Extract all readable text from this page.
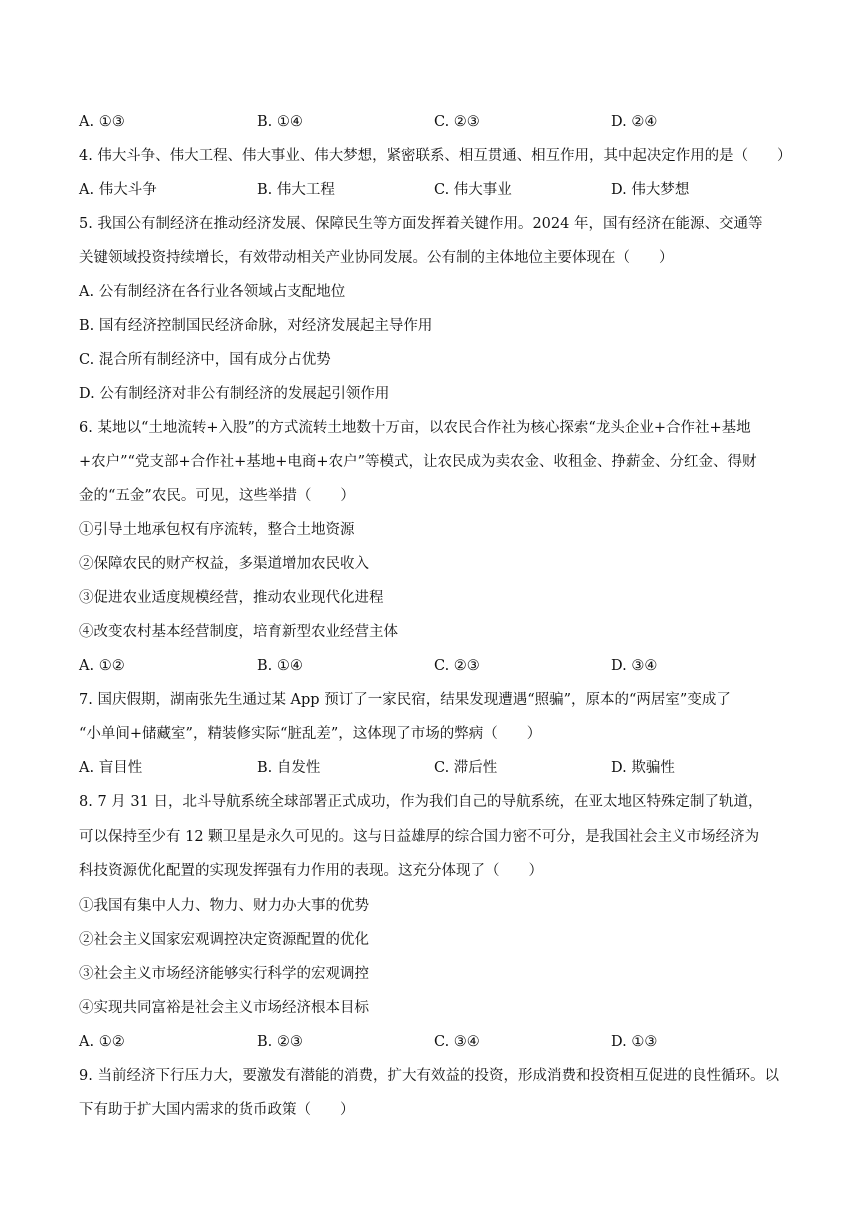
A. ①③	B. ①④	C. ②③	D. ②④
4. 伟大斗争、伟大工程、伟大事业、伟大梦想，紧密联系、相互贯通、相互作用，其中起决定作用的是（　　）
A. 伟大斗争	B. 伟大工程	C. 伟大事业	D. 伟大梦想
5. 我国公有制经济在推动经济发展、保障民生等方面发挥着关键作用。2024 年，国有经济在能源、交通等
关键领域投资持续增长，有效带动相关产业协同发展。公有制的主体地位主要体现在（　　）
A. 公有制经济在各行业各领域占支配地位
B. 国有经济控制国民经济命脉，对经济发展起主导作用
C. 混合所有制经济中，国有成分占优势
D. 公有制经济对非公有制经济的发展起引领作用
6. 某地以“土地流转+入股”的方式流转土地数十万亩，以农民合作社为核心探索“龙头企业+合作社+基地
+农户”“党支部+合作社+基地+电商+农户”等模式，让农民成为卖农金、收租金、挣薪金、分红金、得财
金的“五金”农民。可见，这些举措（　　）
①引导土地承包权有序流转，整合土地资源
②保障农民的财产权益，多渠道增加农民收入
③促进农业适度规模经营，推动农业现代化进程
④改变农村基本经营制度，培育新型农业经营主体
A. ①②	B. ①④	C. ②③	D. ③④
7. 国庆假期，湖南张先生通过某 App 预订了一家民宿，结果发现遭遇“照骗”，原本的“两居室”变成了
“小单间+储藏室”，精装修实际“脏乱差”，这体现了市场的弊病（　　）
A. 盲目性	B. 自发性	C. 滞后性	D. 欺骗性
8. 7 月 31 日，北斗导航系统全球部署正式成功，作为我们自己的导航系统，在亚太地区特殊定制了轨道，
可以保持至少有 12 颗卫星是永久可见的。这与日益雄厚的综合国力密不可分，是我国社会主义市场经济为
科技资源优化配置的实现发挥强有力作用的表现。这充分体现了（　　）
①我国有集中人力、物力、财力办大事的优势
②社会主义国家宏观调控决定资源配置的优化
③社会主义市场经济能够实行科学的宏观调控
④实现共同富裕是社会主义市场经济根本目标
A. ①②	B. ②③	C. ③④	D. ①③
9. 当前经济下行压力大，要激发有潜能的消费，扩大有效益的投资，形成消费和投资相互促进的良性循环。以
下有助于扩大国内需求的货币政策（　　）
